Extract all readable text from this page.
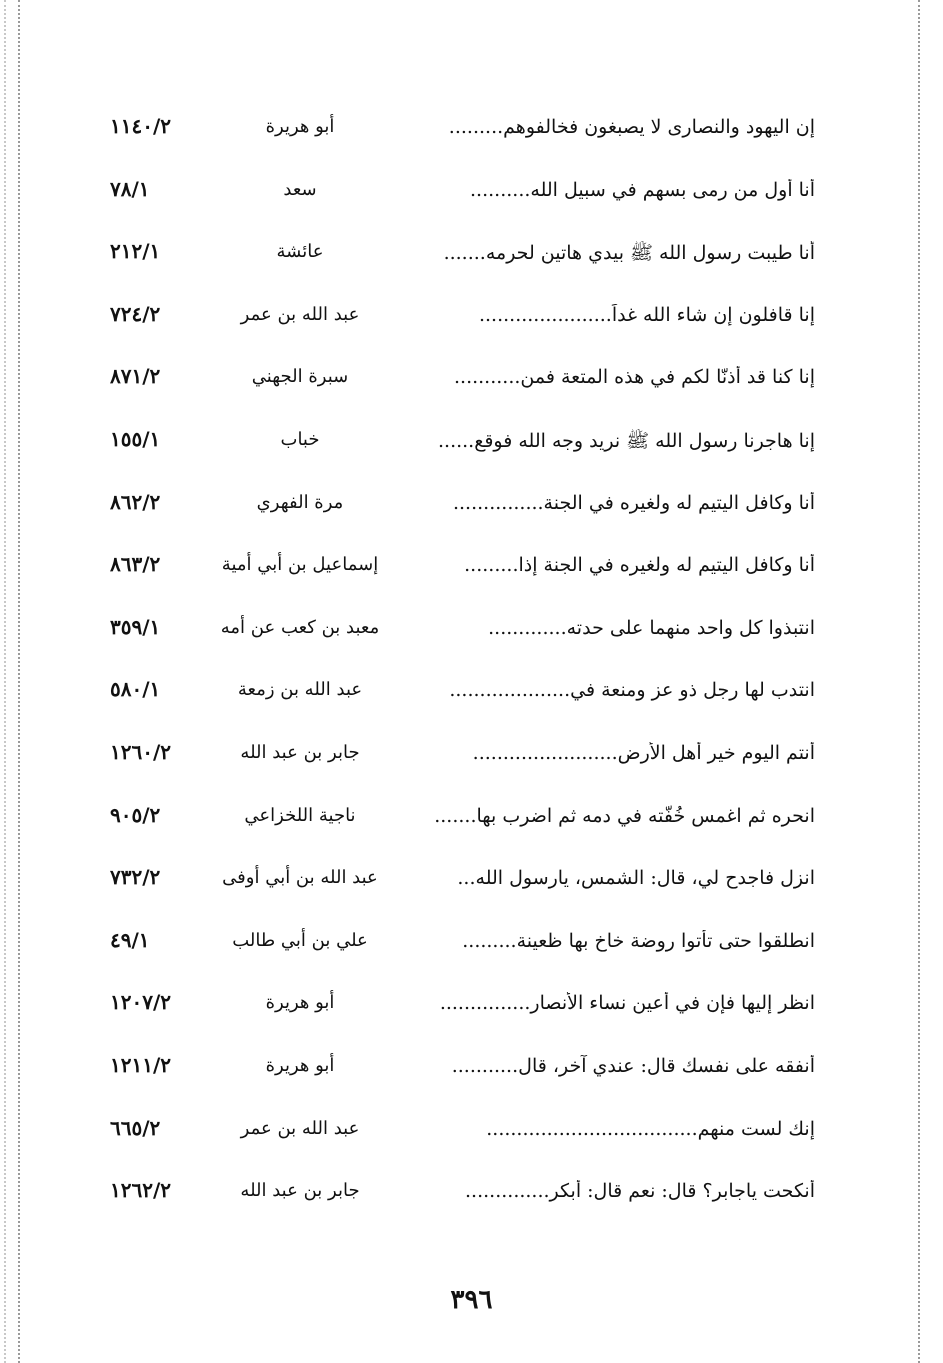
إن اليهود والنصارى لا يصبغون فخالفوهم.........
أبو هريرة
١١٤٠/٢
أنا أول من رمى بسهم في سبيل الله..........
سعد
٧٨/١
أنا طيبت رسول الله ﷺ بيدي هاتين لحرمه.......
عائشة
٢١٢/١
إنا قافلون إن شاء الله غداً......................
عبد الله بن عمر
٧٢٤/٢
إنا كنا قد أذنّا لكم في هذه المتعة فمن...........
سبرة الجهني
٨٧١/٢
إنا هاجرنا رسول الله ﷺ نريد وجه الله فوقع......
خباب
١٥٥/١
أنا وكافل اليتيم له ولغيره في الجنة...............
مرة الفهري
٨٦٢/٢
أنا وكافل اليتيم له ولغيره في الجنة إذا.........
إسماعيل بن أبي أمية
٨٦٣/٢
انتبذوا كل واحد منهما على حدته.............
معبد بن كعب عن أمه
٣٥٩/١
انتدب لها رجل ذو عز ومنعة في....................
عبد الله بن زمعة
٥٨٠/١
أنتم اليوم خير أهل الأرض........................
جابر بن عبد الله
١٢٦٠/٢
انحره ثم اغمس خُفّته في دمه ثم اضرب بها.......
ناجية اللخزاعي
٩٠٥/٢
انزل فاجدح لي، قال: الشمس، يارسول الله...
عبد الله بن أبي أوفى
٧٣٢/٢
انطلقوا حتى تأتوا روضة خاخ بها ظعينة.........
علي بن أبي طالب
٤٩/١
انظر إليها فإن في أعين نساء الأنصار...............
أبو هريرة
١٢٠٧/٢
أنفقه على نفسك قال: عندي آخر، قال...........
أبو هريرة
١٢١١/٢
إنك لست منهم...................................
عبد الله بن عمر
٦٦٥/٢
أنكحت ياجابر؟ قال: نعم قال: أبكر..............
جابر بن عبد الله
١٢٦٢/٢
٣٩٦
